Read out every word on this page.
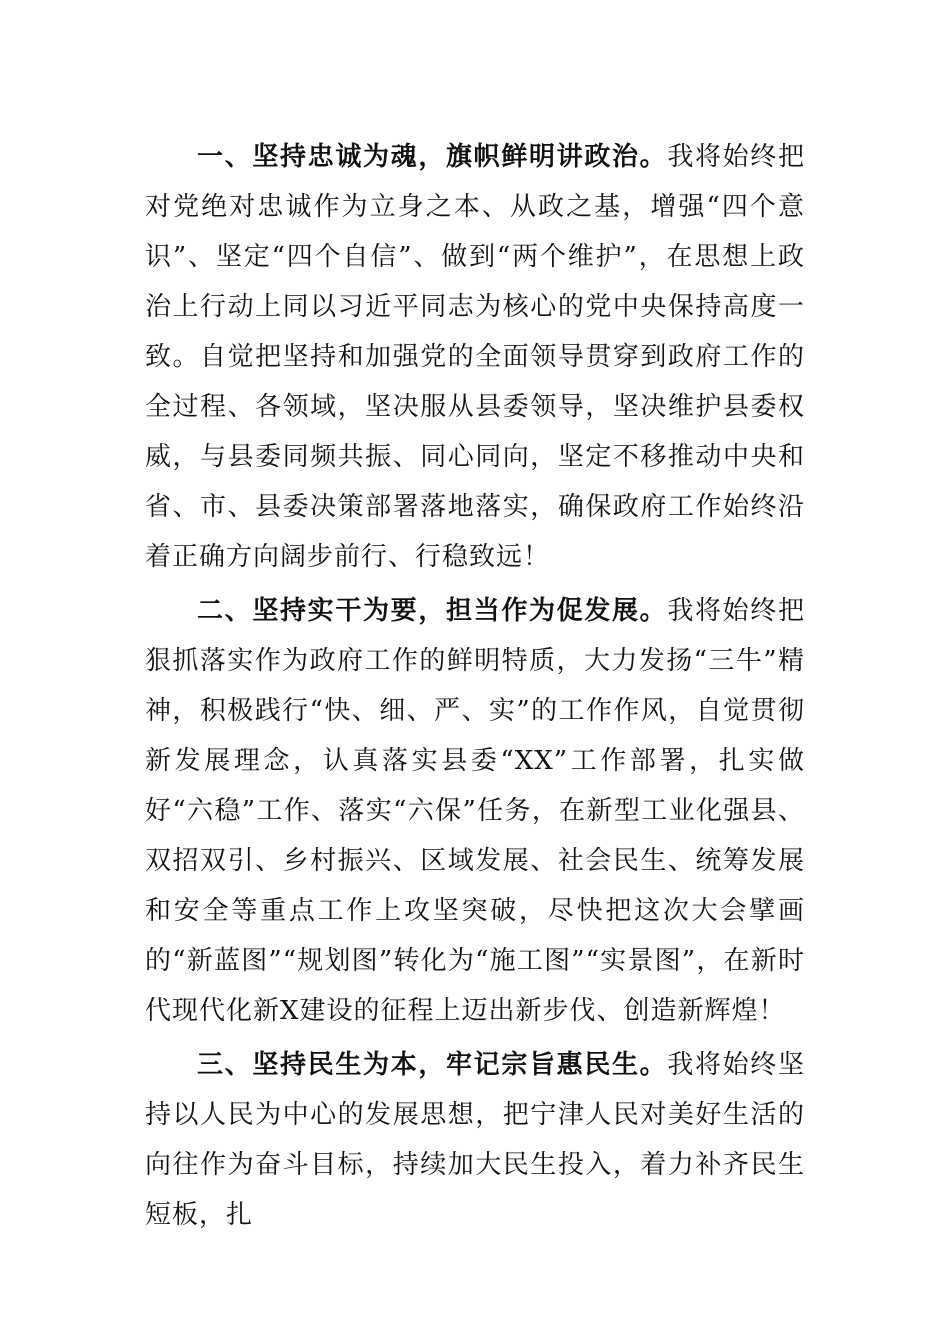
一、坚持忠诚为魂，旗帜鲜明讲政治。我将始终把对党绝对忠诚作为立身之本、从政之基，增强“四个意识”、坚定“四个自信”、做到“两个维护”，在思想上政治上行动上同以习近平同志为核心的党中央保持高度一致。自觉把坚持和加强党的全面领导贯穿到政府工作的全过程、各领域，坚决服从县委领导，坚决维护县委权威，与县委同频共振、同心同向，坚定不移推动中央和省、市、县委决策部署落地落实，确保政府工作始终沿着正确方向阔步前行、行稳致远！

二、坚持实干为要，担当作为促发展。我将始终把狠抓落实作为政府工作的鲜明特质，大力发扬“三牛”精神，积极践行“快、细、严、实”的工作作风，自觉贯彻新发展理念，认真落实县委“XX”工作部署，扎实做好“六稳”工作、落实“六保”任务，在新型工业化强县、双招双引、乡村振兴、区域发展、社会民生、统筹发展和安全等重点工作上攻坚突破，尽快把这次大会擘画的“新蓝图”“规划图”转化为“施工图”“实景图”，在新时代现代化新X建设的征程上迈出新步伐、创造新辉煌！

三、坚持民生为本，牢记宗旨惠民生。我将始终坚持以人民为中心的发展思想，把宁津人民对美好生活的向往作为奋斗目标，持续加大民生投入，着力补齐民生短板，扎
